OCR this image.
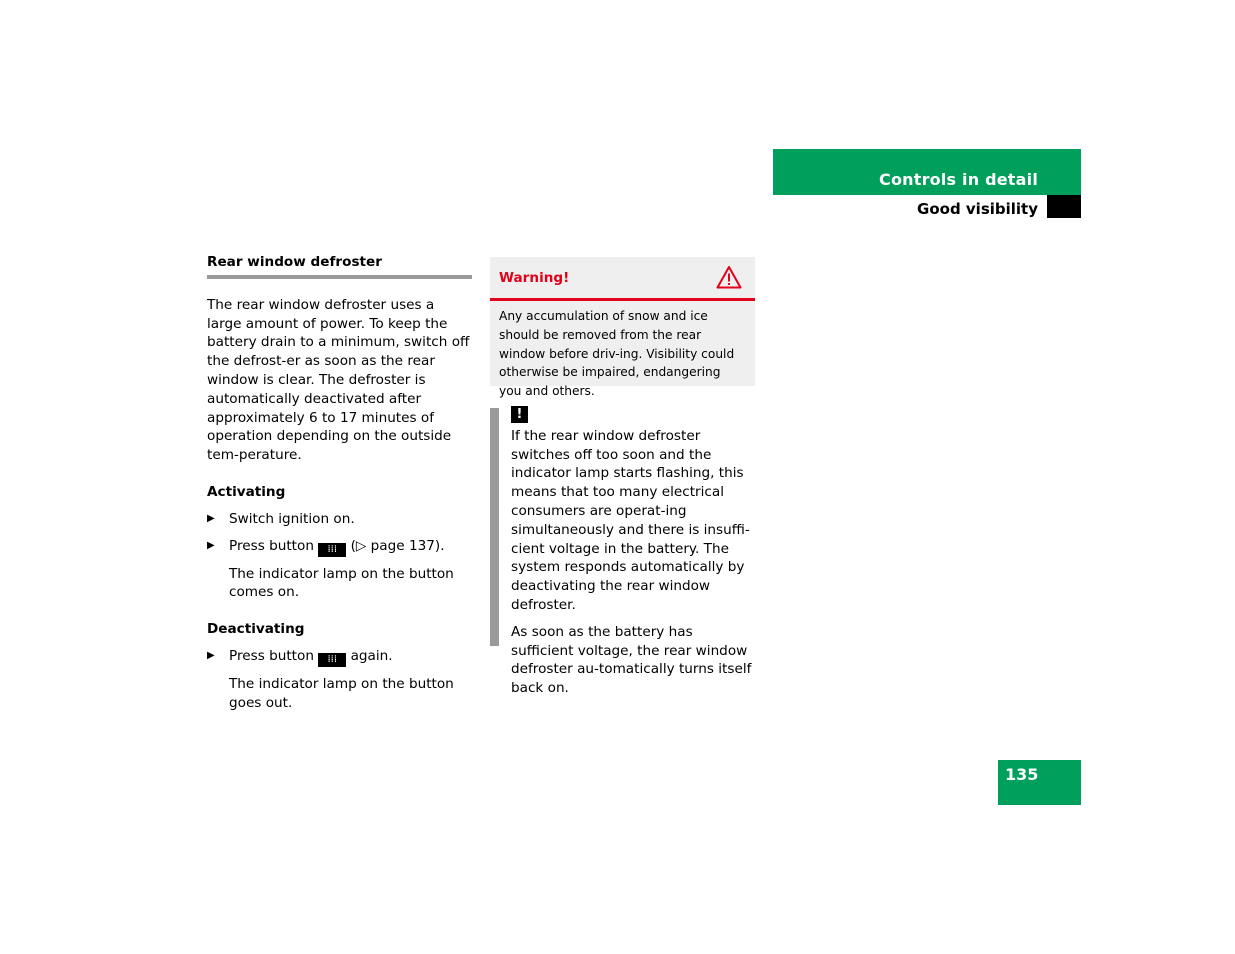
Controls in detail
Good visibility
Rear window defroster
The rear window defroster uses a large amount of power. To keep the battery drain to a minimum, switch off the defrost-er as soon as the rear window is clear. The defroster is automatically deactivated after approximately 6 to 17 minutes of operation depending on the outside tem-perature.
Activating
▶ Switch ignition on.
▶ Press button ⁞⁞⁞ (▷ page 137).
The indicator lamp on the button comes on.
Deactivating
▶ Press button ⁞⁞⁞ again.
The indicator lamp on the button goes out.
Warning!
Any accumulation of snow and ice should be removed from the rear window before driv-ing. Visibility could otherwise be impaired, endangering you and others.
!

If the rear window defroster switches off too soon and the indicator lamp starts flashing, this means that too many electrical consumers are operat-ing simultaneously and there is insuffi-cient voltage in the battery. The system responds automatically by deactivating the rear window defroster.

As soon as the battery has sufficient voltage, the rear window defroster au-tomatically turns itself back on.

135
